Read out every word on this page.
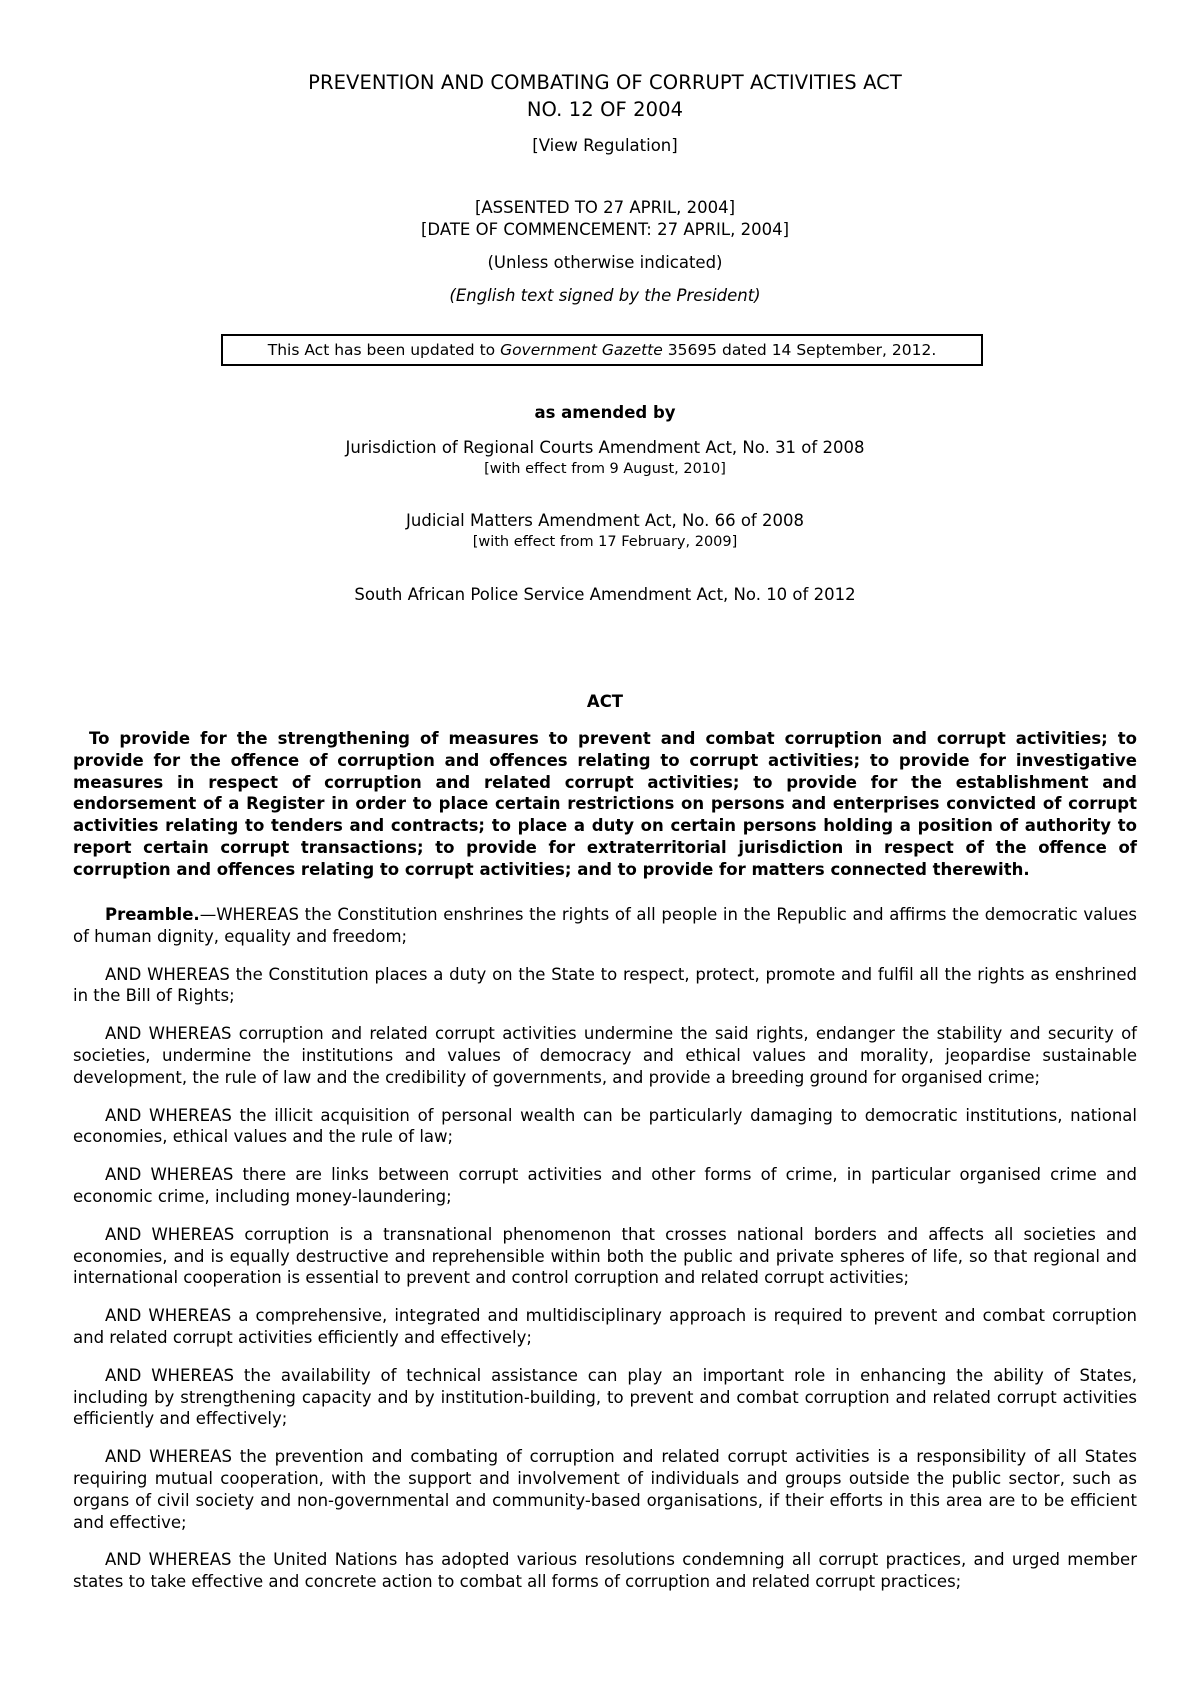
PREVENTION AND COMBATING OF CORRUPT ACTIVITIES ACT
NO. 12 OF 2004
[View Regulation]
[ASSENTED TO 27 APRIL, 2004]
[DATE OF COMMENCEMENT: 27 APRIL, 2004]
(Unless otherwise indicated)
(English text signed by the President)
This Act has been updated to Government Gazette 35695 dated 14 September, 2012.
as amended by
Jurisdiction of Regional Courts Amendment Act, No. 31 of 2008
[with effect from 9 August, 2010]
Judicial Matters Amendment Act, No. 66 of 2008
[with effect from 17 February, 2009]
South African Police Service Amendment Act, No. 10 of 2012
ACT
To provide for the strengthening of measures to prevent and combat corruption and corrupt activities; to provide for the offence of corruption and offences relating to corrupt activities; to provide for investigative measures in respect of corruption and related corrupt activities; to provide for the establishment and endorsement of a Register in order to place certain restrictions on persons and enterprises convicted of corrupt activities relating to tenders and contracts; to place a duty on certain persons holding a position of authority to report certain corrupt transactions; to provide for extraterritorial jurisdiction in respect of the offence of corruption and offences relating to corrupt activities; and to provide for matters connected therewith.

Preamble.—WHEREAS the Constitution enshrines the rights of all people in the Republic and affirms the democratic values of human dignity, equality and freedom;

AND WHEREAS the Constitution places a duty on the State to respect, protect, promote and fulfil all the rights as enshrined in the Bill of Rights;

AND WHEREAS corruption and related corrupt activities undermine the said rights, endanger the stability and security of societies, undermine the institutions and values of democracy and ethical values and morality, jeopardise sustainable development, the rule of law and the credibility of governments, and provide a breeding ground for organised crime;

AND WHEREAS the illicit acquisition of personal wealth can be particularly damaging to democratic institutions, national economies, ethical values and the rule of law;

AND WHEREAS there are links between corrupt activities and other forms of crime, in particular organised crime and economic crime, including money-laundering;

AND WHEREAS corruption is a transnational phenomenon that crosses national borders and affects all societies and economies, and is equally destructive and reprehensible within both the public and private spheres of life, so that regional and international cooperation is essential to prevent and control corruption and related corrupt activities;

AND WHEREAS a comprehensive, integrated and multidisciplinary approach is required to prevent and combat corruption and related corrupt activities efficiently and effectively;

AND WHEREAS the availability of technical assistance can play an important role in enhancing the ability of States, including by strengthening capacity and by institution-building, to prevent and combat corruption and related corrupt activities efficiently and effectively;

AND WHEREAS the prevention and combating of corruption and related corrupt activities is a responsibility of all States requiring mutual cooperation, with the support and involvement of individuals and groups outside the public sector, such as organs of civil society and non-governmental and community-based organisations, if their efforts in this area are to be efficient and effective;

AND WHEREAS the United Nations has adopted various resolutions condemning all corrupt practices, and urged member states to take effective and concrete action to combat all forms of corruption and related corrupt practices;
